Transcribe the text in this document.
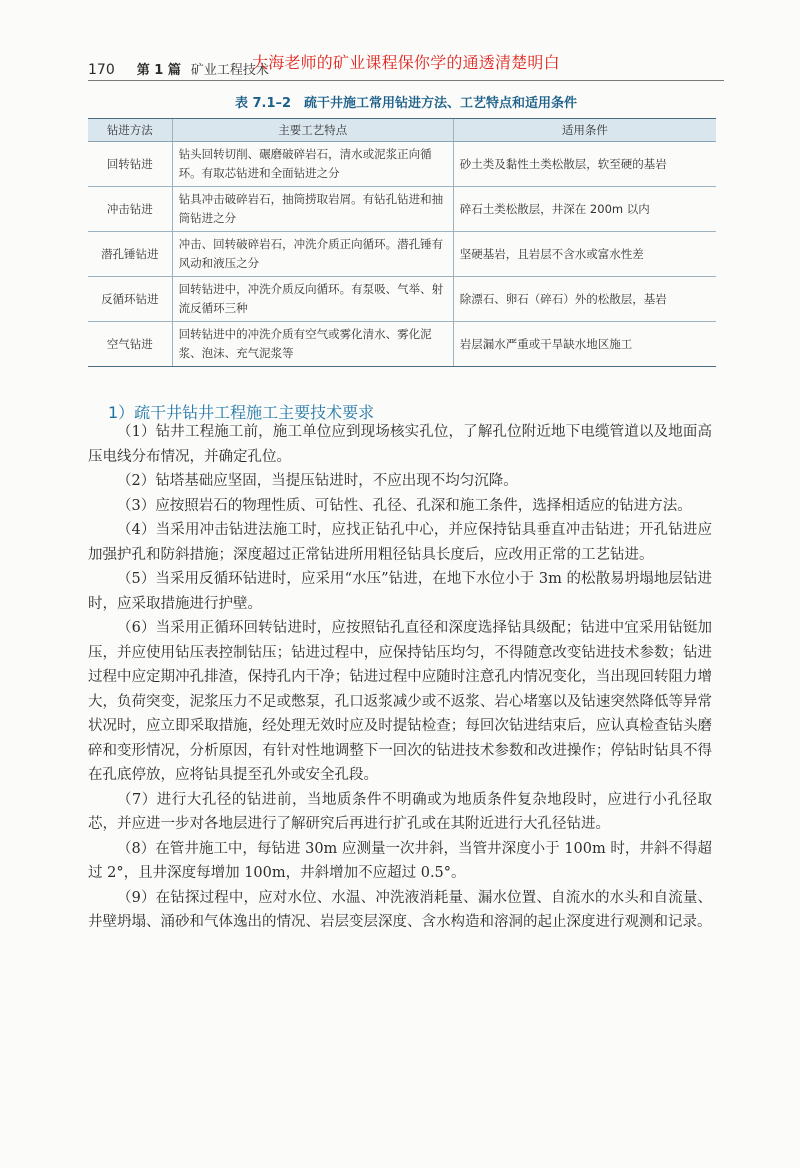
170 第 1 篇 矿业工程技术
大海老师的矿业课程保你学的通透清楚明白
表 7.1–2　疏干井施工常用钻进方法、工艺特点和适用条件
钻进方法	主要工艺特点	适用条件
回转钻进	钻头回转切削、碾磨破碎岩石，清水或泥浆正向循环。有取芯钻进和全面钻进之分	砂土类及黏性土类松散层，软至硬的基岩
冲击钻进	钻具冲击破碎岩石，抽筒捞取岩屑。有钻孔钻进和抽筒钻进之分	碎石土类松散层，井深在 200m 以内
潜孔锤钻进	冲击、回转破碎岩石，冲洗介质正向循环。潜孔锤有风动和液压之分	坚硬基岩，且岩层不含水或富水性差
反循环钻进	回转钻进中，冲洗介质反向循环。有泵吸、气举、射流反循环三种	除漂石、卵石（碎石）外的松散层，基岩
空气钻进	回转钻进中的冲洗介质有空气或雾化清水、雾化泥浆、泡沫、充气泥浆等	岩层漏水严重或干旱缺水地区施工
1）疏干井钻井工程施工主要技术要求

（1）钻井工程施工前，施工单位应到现场核实孔位，了解孔位附近地下电缆管道以及地面高压电线分布情况，并确定孔位。

（2）钻塔基础应坚固，当提压钻进时，不应出现不均匀沉降。

（3）应按照岩石的物理性质、可钻性、孔径、孔深和施工条件，选择相适应的钻进方法。

（4）当采用冲击钻进法施工时，应找正钻孔中心，并应保持钻具垂直冲击钻进；开孔钻进应加强护孔和防斜措施；深度超过正常钻进所用粗径钻具长度后，应改用正常的工艺钻进。

（5）当采用反循环钻进时，应采用“水压”钻进，在地下水位小于 3m 的松散易坍塌地层钻进时，应采取措施进行护壁。

（6）当采用正循环回转钻进时，应按照钻孔直径和深度选择钻具级配；钻进中宜采用钻铤加压，并应使用钻压表控制钻压；钻进过程中，应保持钻压均匀，不得随意改变钻进技术参数；钻进过程中应定期冲孔排渣，保持孔内干净；钻进过程中应随时注意孔内情况变化，当出现回转阻力增大，负荷突变，泥浆压力不足或憋泵，孔口返浆减少或不返浆、岩心堵塞以及钻速突然降低等异常状况时，应立即采取措施，经处理无效时应及时提钻检查；每回次钻进结束后，应认真检查钻头磨碎和变形情况，分析原因，有针对性地调整下一回次的钻进技术参数和改进操作；停钻时钻具不得在孔底停放，应将钻具提至孔外或安全孔段。

（7）进行大孔径的钻进前，当地质条件不明确或为地质条件复杂地段时，应进行小孔径取芯，并应进一步对各地层进行了解研究后再进行扩孔或在其附近进行大孔径钻进。

（8）在管井施工中，每钻进 30m 应测量一次井斜，当管井深度小于 100m 时，井斜不得超过 2°，且井深度每增加 100m，井斜增加不应超过 0.5°。

（9）在钻探过程中，应对水位、水温、冲洗液消耗量、漏水位置、自流水的水头和自流量、井壁坍塌、涌砂和气体逸出的情况、岩层变层深度、含水构造和溶洞的起止深度进行观测和记录。
